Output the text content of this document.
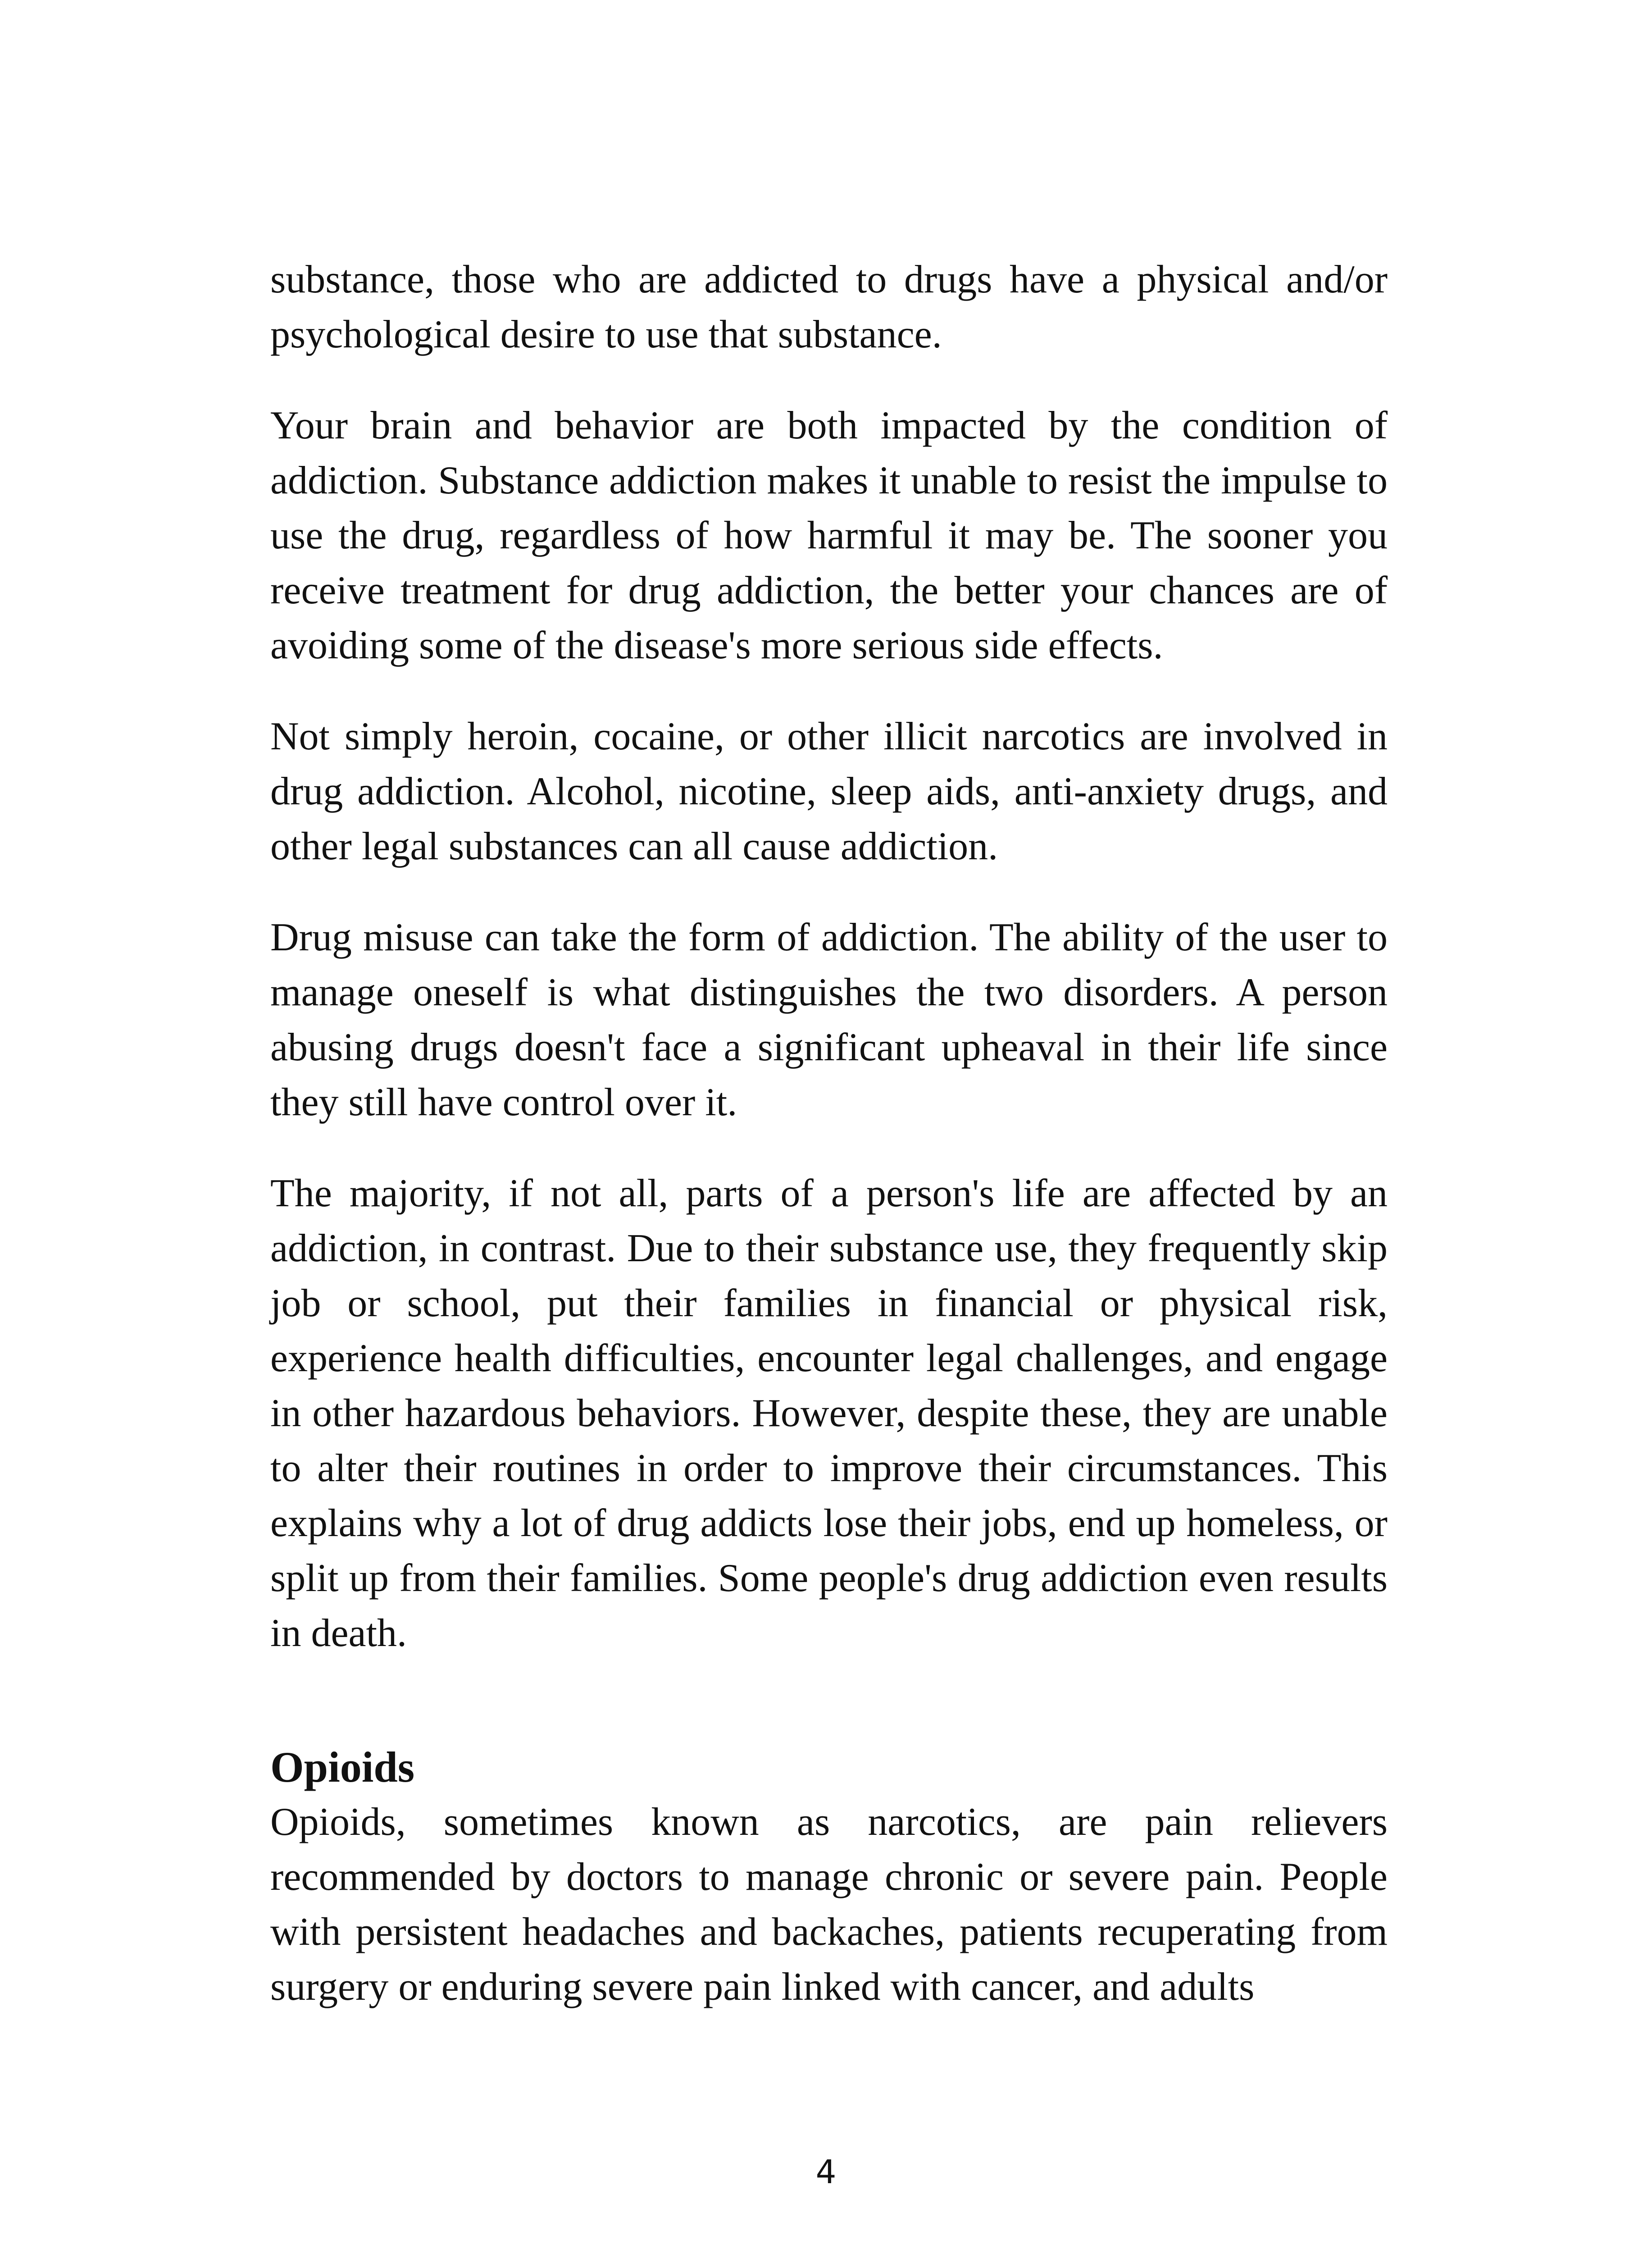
substance, those who are addicted to drugs have a physical and/or psychological desire to use that substance.

Your brain and behavior are both impacted by the condition of addiction. Substance addiction makes it unable to resist the impulse to use the drug, regardless of how harmful it may be. The sooner you receive treatment for drug addiction, the better your chances are of avoiding some of the disease's more serious side effects.

Not simply heroin, cocaine, or other illicit narcotics are involved in drug addiction. Alcohol, nicotine, sleep aids, anti-anxiety drugs, and other legal substances can all cause addiction.

Drug misuse can take the form of addiction. The ability of the user to manage oneself is what distinguishes the two disorders. A person abusing drugs doesn't face a significant upheaval in their life since they still have control over it.

The majority, if not all, parts of a person's life are affected by an addiction, in contrast. Due to their substance use, they frequently skip job or school, put their families in financial or physical risk, experience health difficulties, encounter legal challenges, and engage in other hazardous behaviors. However, despite these, they are unable to alter their routines in order to improve their circumstances. This explains why a lot of drug addicts lose their jobs, end up homeless, or split up from their families. Some people's drug addiction even results in death.

Opioids

Opioids, sometimes known as narcotics, are pain relievers recommended by doctors to manage chronic or severe pain. People with persistent headaches and backaches, patients recuperating from surgery or enduring severe pain linked with cancer, and adults

4
